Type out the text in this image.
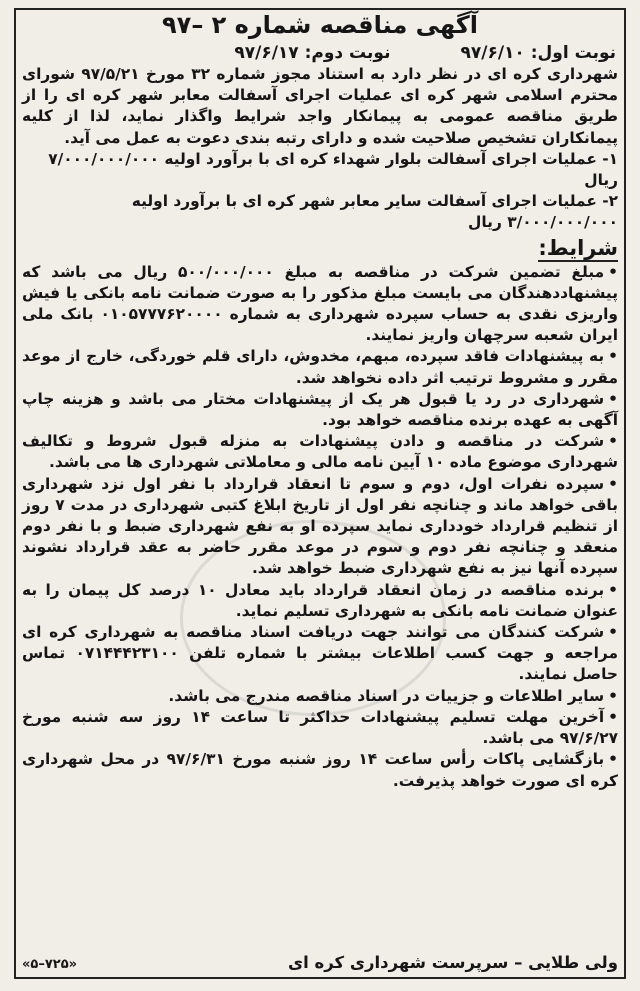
آگهی مناقصه شماره ۲ –۹۷
نوبت اول: ۹۷/۶/۱۰
نوبت دوم: ۹۷/۶/۱۷

شهرداری کره ای در نظر دارد به استناد مجوز شماره ۳۲ مورخ ۹۷/۵/۲۱ شورای محترم اسلامی شهر کره ای عملیات اجرای آسفالت معابر شهر کره ای را از طریق مناقصه عمومی به پیمانکار واجد شرایط واگذار نماید، لذا از کلیه پیمانکاران تشخیص صلاحیت شده و دارای رتبه بندی دعوت به عمل می آید.

۱- عملیات اجرای آسفالت بلوار شهداء کره ای با برآورد اولیه ۷/۰۰۰/۰۰۰/۰۰۰ ریال

۲- عملیات اجرای آسفالت سایر معابر شهر کره ای با برآورد اولیه ۳/۰۰۰/۰۰۰/۰۰۰ ریال

شرایط:

•مبلغ تضمین شرکت در مناقصه به مبلغ ۵۰۰/۰۰۰/۰۰۰ ریال می باشد که پیشنهاددهندگان می بایست مبلغ مذکور را به صورت ضمانت نامه بانکی یا فیش واریزی نقدی به حساب سپرده شهرداری به شماره ۰۱۰۵۷۷۷۶۲۰۰۰۰ بانک ملی ایران شعبه سرچهان واریز نمایند.

•به پیشنهادات فاقد سپرده، مبهم، مخدوش، دارای قلم خوردگی، خارج از موعد مقرر و مشروط ترتیب اثر داده نخواهد شد.

•شهرداری در رد یا قبول هر یک از پیشنهادات مختار می باشد و هزینه چاپ آگهی به عهده برنده مناقصه خواهد بود.

•شرکت در مناقصه و دادن پیشنهادات به منزله قبول شروط و تکالیف شهرداری موضوع ماده ۱۰ آیین نامه مالی و معاملاتی شهرداری ها می باشد.

•سپرده نفرات اول، دوم و سوم تا انعقاد قرارداد با نفر اول نزد شهرداری باقی خواهد ماند و چنانچه نفر اول از تاریخ ابلاغ کتبی شهرداری در مدت ۷ روز از تنظیم قرارداد خودداری نماید سپرده او به نفع شهرداری ضبط و با نفر دوم منعقد و چنانچه نفر دوم و سوم در موعد مقرر حاضر به عقد قرارداد نشوند سپرده آنها نیز به نفع شهرداری ضبط خواهد شد.

•برنده مناقصه در زمان انعقاد قرارداد باید معادل ۱۰ درصد کل پیمان را به عنوان ضمانت نامه بانکی به شهرداری تسلیم نماید.

•شرکت کنندگان می توانند جهت دریافت اسناد مناقصه به شهرداری کره ای مراجعه و جهت کسب اطلاعات بیشتر با شماره تلفن ۰۷۱۴۴۴۲۳۱۰۰ تماس حاصل نمایند.

•سایر اطلاعات و جزییات در اسناد مناقصه مندرج می باشد.

•آخرین مهلت تسلیم پیشنهادات حداکثر تا ساعت ۱۴ روز سه شنبه مورخ ۹۷/۶/۲۷ می باشد.

•بازگشایی پاکات رأس ساعت ۱۴ روز شنبه مورخ ۹۷/۶/۳۱ در محل شهرداری کره ای صورت خواهد پذیرفت.

ولی طلایی – سرپرست شهرداری کره ای
«۵–۷۲۵»
